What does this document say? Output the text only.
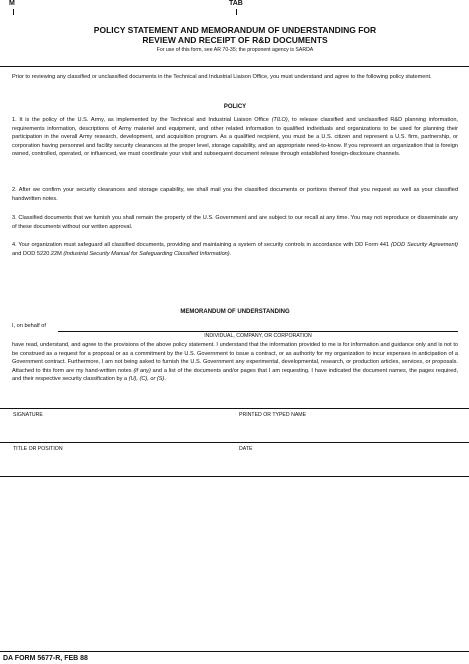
M	TAB
POLICY STATEMENT AND MEMORANDUM OF UNDERSTANDING FOR
REVIEW AND RECEIPT OF R&D DOCUMENTS
For use of this form, see AR 70-35; the proponent agency is SARDA
Prior to reviewing any classified or unclassified documents in the Technical and Industrial Liaison Office, you must understand and agree to the following policy statement.
POLICY
1. It is the policy of the U.S. Army, as implemented by the Technical and Industrial Liaison Office (TILO), to release classified and unclassified R&D planning information, requirements information, descriptions of Army materiel and equipment, and other related information to qualified individuals and organizations to be used for planning their participation in the overall Army research, development, and acquisition program. As a qualified recipient, you must be a U.S. citizen and represent a U.S. firm, partnership, or corporation having personnel and facility security clearances at the proper level, storage capability, and an appropriate need-to-know. If you represent an organization that is foreign owned, controlled, operated, or influenced, we must coordinate your visit and subsequent document release through established foreign-disclosure channels.
2. After we confirm your security clearances and storage capability, we shall mail you the classified documents or portions thereof that you request as well as your classified handwritten notes.
3. Classified documents that we furnish you shall remain the property of the U.S. Government and are subject to our recall at any time. You may not reproduce or disseminate any of these documents without our written approval.
4. Your organization must safeguard all classified documents, providing and maintaining a system of security controls in accordance with DD Form 441 (DOD Security Agreement) and DOD 5220.22M (Industrial Security Manual for Safeguarding Classified Information).
MEMORANDUM OF UNDERSTANDING
I, on behalf of
INDIVIDUAL, COMPANY, OR CORPORATION
have read, understand, and agree to the provisions of the above policy statement. I understand that the information provided to me is for information and guidance only and is not to be construed as a request for a proposal or as a commitment by the U.S. Government to issue a contract, or as authority for my organization to incur expenses in anticipation of a Government contract. Furthermore, I am not being asked to furnish the U.S. Government any experimental, developmental, research, or production articles, services, or proposals. Attached to this form are my hand-written notes (if any) and a list of the documents and/or pages that I am requesting. I have indicated the document names, the pages required, and their respective security classification by a (U), (C), or (S).
SIGNATURE	PRINTED OR TYPED NAME
TITLE OR POSITION	DATE
DA FORM 5677-R, FEB 88
